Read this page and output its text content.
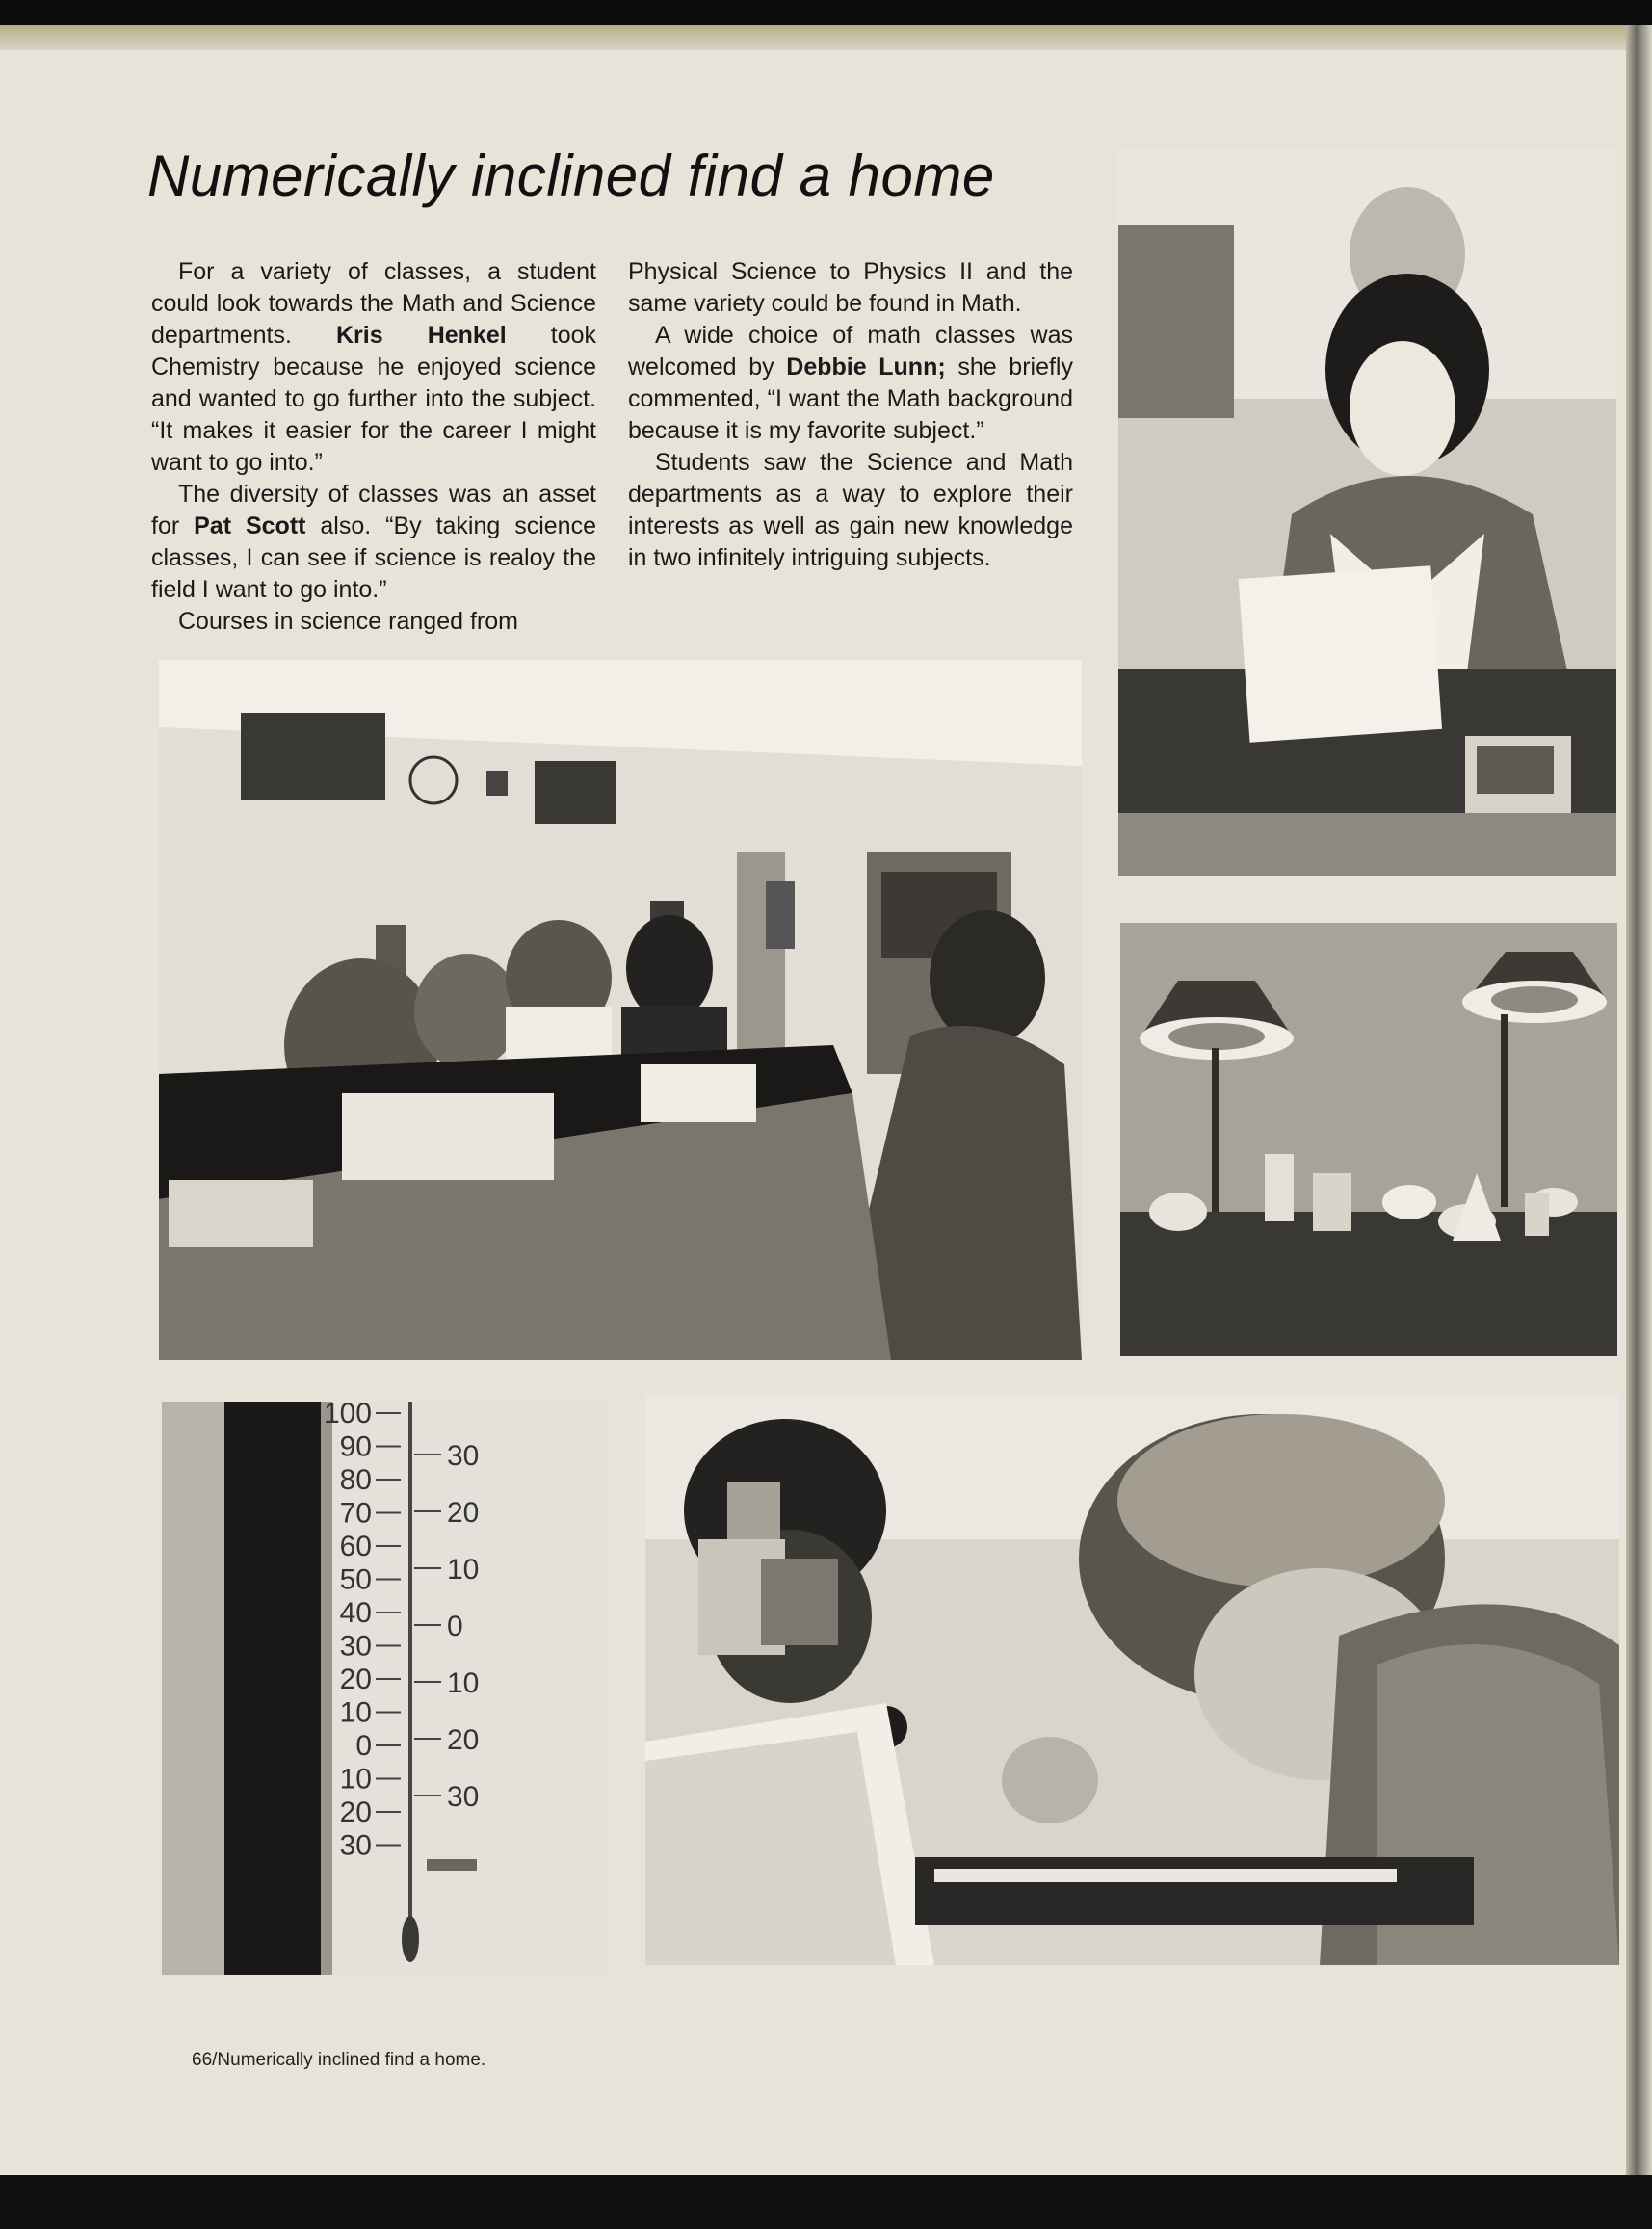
Numerically inclined find a home

For a variety of classes, a student could look towards the Math and Science departments. Kris Henkel took Chemistry because he enjoyed science and wanted to go further into the subject. “It makes it easier for the career I might want to go into.”

The diversity of classes was an asset for Pat Scott also. “By taking science classes, I can see if science is realoy the field I want to go into.”

Courses in science ranged from

Physical Science to Physics II and the same variety could be found in Math.

A wide choice of math classes was welcomed by Debbie Lunn; she briefly commented, “I want the Math background because it is my favorite subject.”

Students saw the Science and Math departments as a way to explore their interests as well as gain new knowledge in two infinitely intriguing subjects.

100
90
80
70
60
50
40
30
20
10
0
10
20
30
30
20
10
0
10
20
30
66/Numerically inclined find a home.
